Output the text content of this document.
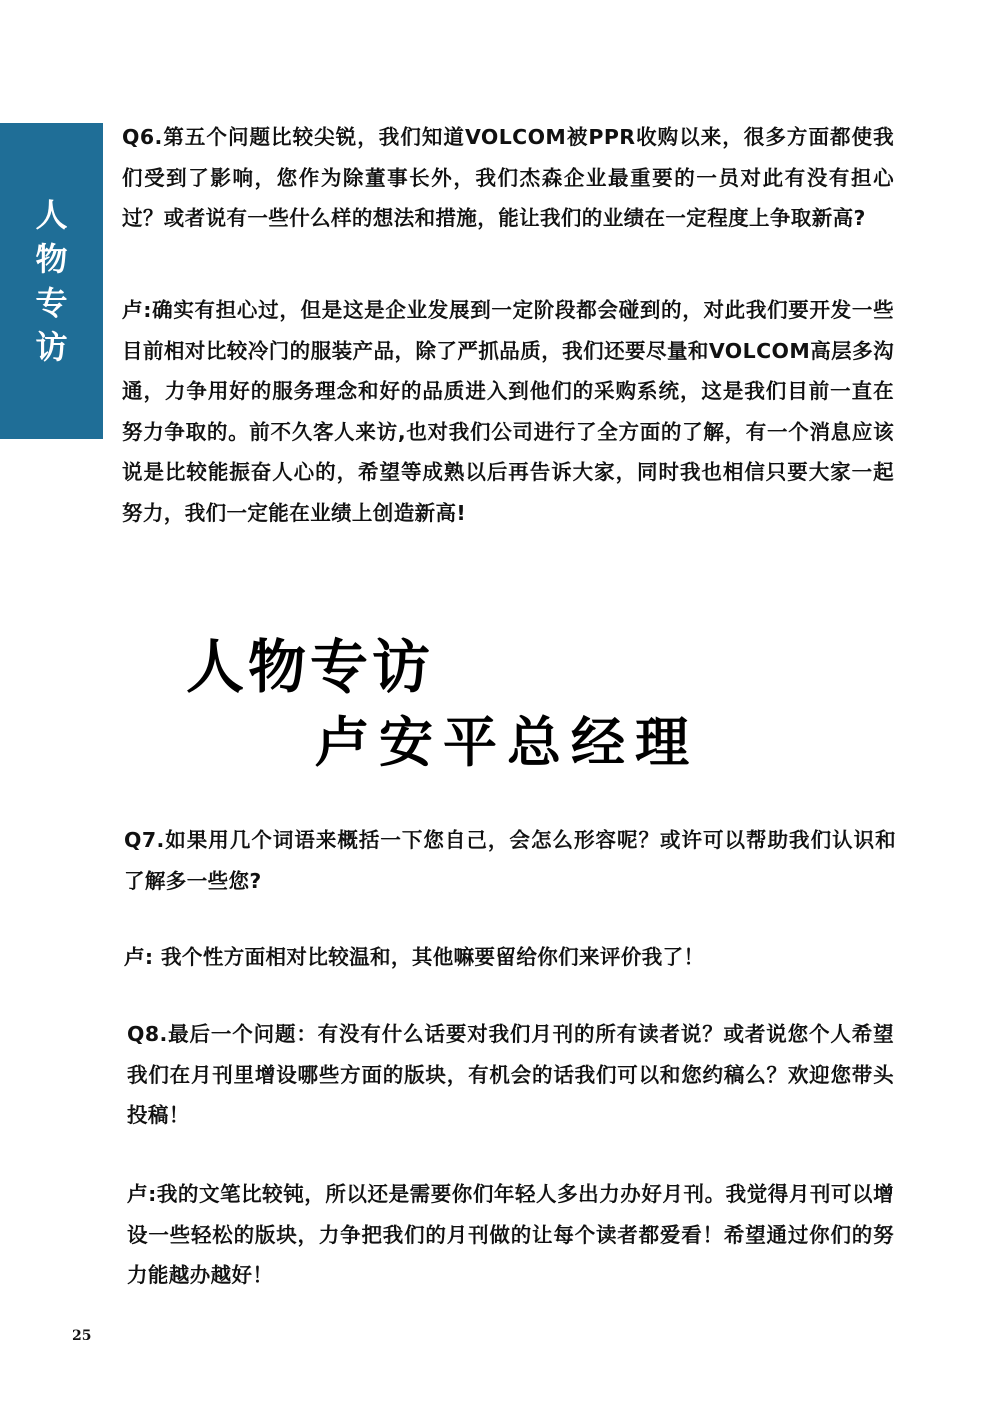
人
物
专
访

Q6.第五个问题比较尖锐，我们知道VOLCOM被PPR收购以来，很多方面都使我们受到了影响，您作为除董事长外，我们杰森企业最重要的一员对此有没有担心过？或者说有一些什么样的想法和措施，能让我们的业绩在一定程度上争取新高?

卢:确实有担心过，但是这是企业发展到一定阶段都会碰到的，对此我们要开发一些目前相对比较冷门的服装产品，除了严抓品质，我们还要尽量和VOLCOM高层多沟通，力争用好的服务理念和好的品质进入到他们的采购系统，这是我们目前一直在努力争取的。前不久客人来访,也对我们公司进行了全方面的了解，有一个消息应该说是比较能振奋人心的，希望等成熟以后再告诉大家，同时我也相信只要大家一起努力，我们一定能在业绩上创造新高!

人物专访
卢安平总经理

Q7.如果用几个词语来概括一下您自己，会怎么形容呢？或许可以帮助我们认识和了解多一些您?

卢: 我个性方面相对比较温和，其他嘛要留给你们来评价我了！

Q8.最后一个问题：有没有什么话要对我们月刊的所有读者说？或者说您个人希望我们在月刊里增设哪些方面的版块，有机会的话我们可以和您约稿么？欢迎您带头投稿！

卢:我的文笔比较钝，所以还是需要你们年轻人多出力办好月刊。我觉得月刊可以增设一些轻松的版块，力争把我们的月刊做的让每个读者都爱看！希望通过你们的努力能越办越好！

25
